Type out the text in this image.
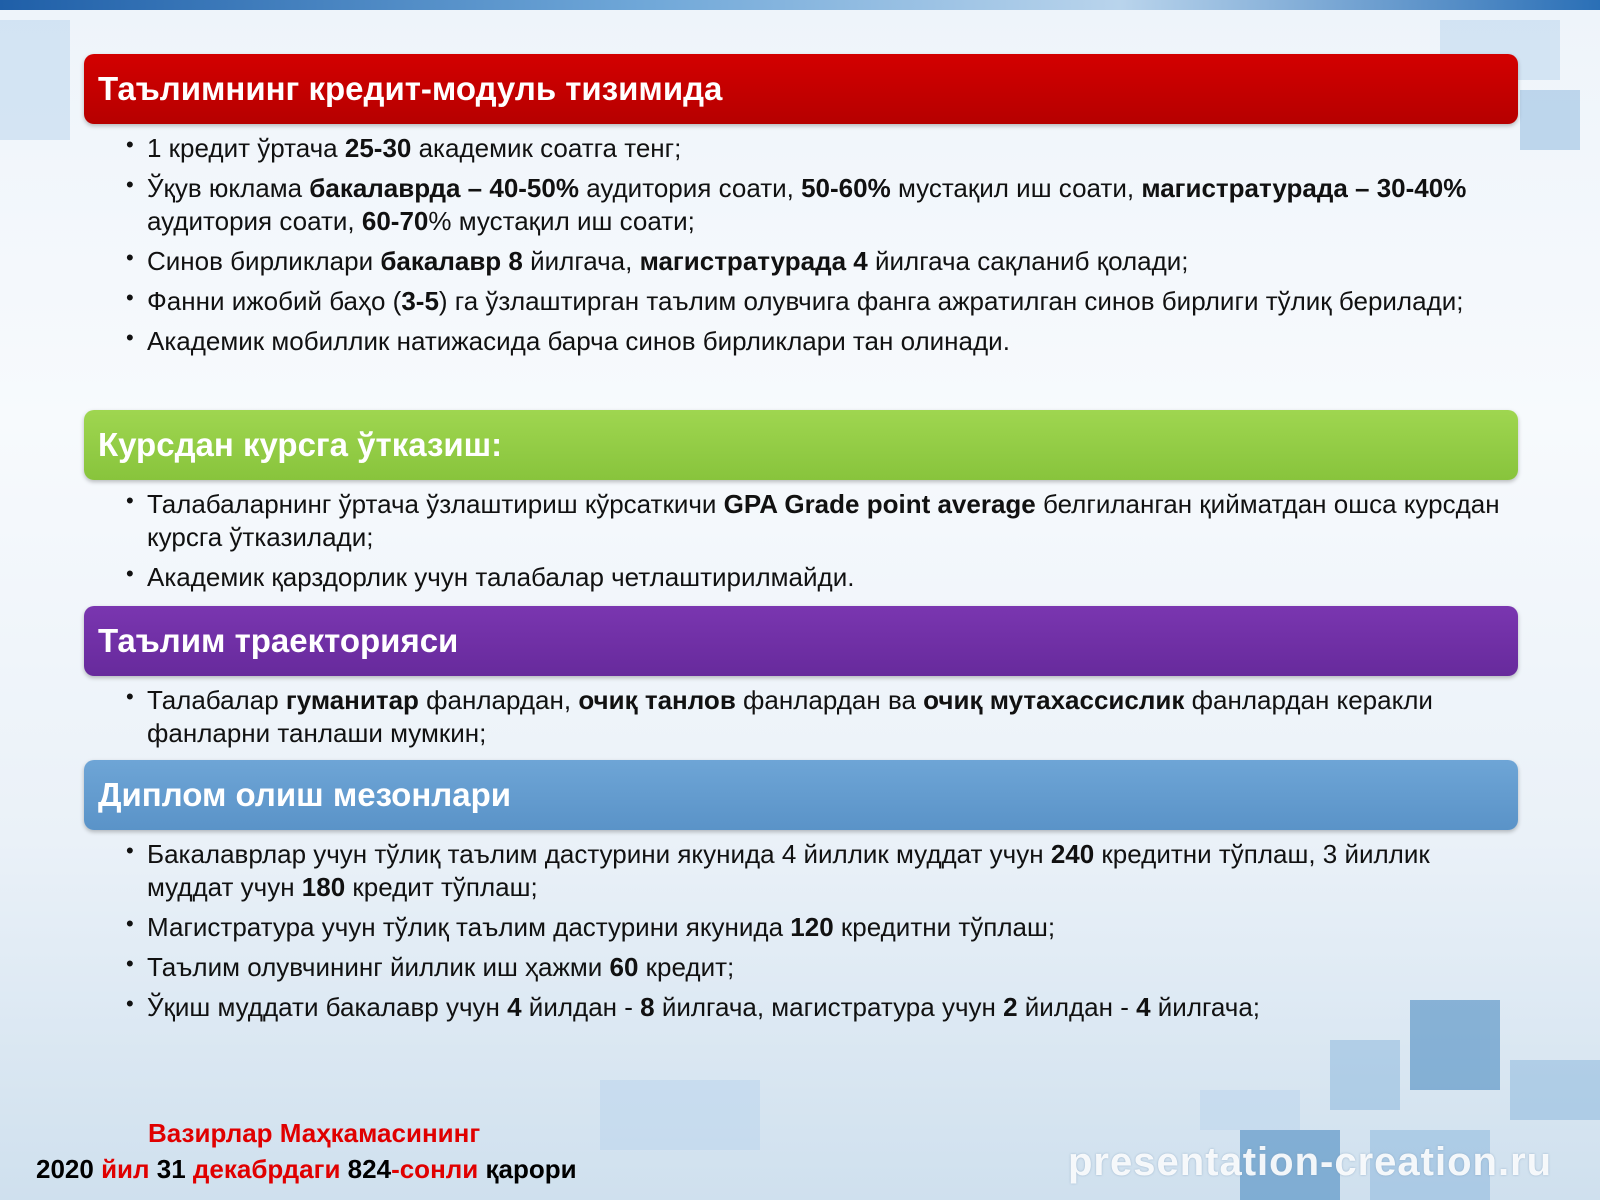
Таълимнинг кредит-модуль тизимида
• 1 кредит ўртача 25-30 академик соатга тенг;
• Ўқув юклама бакалаврда – 40-50% аудитория соати, 50-60% мустақил иш соати, магистратурада – 30-40% аудитория соати, 60-70% мустақил иш соати;
• Синов бирликлари бакалавр 8 йилгача, магистратурада 4 йилгача сақланиб қолади;
• Фанни ижобий баҳо (3-5) га ўзлаштирган таълим олувчига фанга ажратилган синов бирлиги тўлиқ берилади;
• Академик мобиллик натижасида барча синов бирликлари тан олинади.
Курсдан курсга ўтказиш:
• Талабаларнинг ўртача ўзлаштириш кўрсаткичи GPA Grade point average белгиланган қийматдан ошса курсдан курсга ўтказилади;
• Академик қарздорлик учун талабалар четлаштирилмайди.
Таълим траекторияси
• Талабалар гуманитар фанлардан, очиқ танлов фанлардан ва очиқ мутахассислик фанлардан керакли фанларни танлаши мумкин;
Диплом олиш мезонлари
• Бакалаврлар учун тўлиқ таълим дастурини якунида 4 йиллик муддат учун 240 кредитни тўплаш, 3 йиллик муддат учун 180 кредит тўплаш;
• Магистратура учун тўлиқ таълим дастурини якунида 120 кредитни тўплаш;
• Таълим олувчининг йиллик иш ҳажми 60 кредит;
• Ўқиш муддати бакалавр учун 4 йилдан - 8 йилгача, магистратура учун 2 йилдан - 4 йилгача;
Вазирлар Маҳкамасининг
2020 йил 31 декабрдаги 824-сонли қарори	presentation-creation.ru
